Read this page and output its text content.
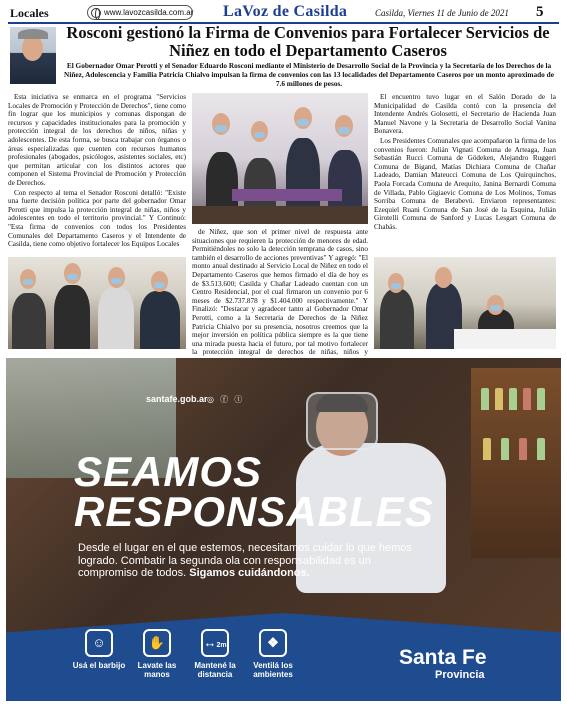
Locales	www.lavozcasilda.com.ar LaVoz de Casilda	Casilda, Viernes 11 de Junio de 2021 5
Rosconi gestionó la Firma de Convenios para Fortalecer Servicios de Niñez en todo el Departamento Caseros
El Gobernador Omar Perotti y el Senador Eduardo Rosconi mediante el Ministerio de Desarrollo Social de la Provincia y la Secretaría de los Derechos de la Niñez, Adolescencia y Familia Patricia Chialvo impulsan la firma de convenios con las 13 localidades del Departamento Caseros por un monto aproximado de 7.6 millones de pesos.

Esta iniciativa se enmarca en el programa "Servicios Locales de Promoción y Protección de Derechos", tiene como fin lograr que los municipios y comunas dispongan de recursos y capacidades institucionales para la promoción y protección integral de los derechos de niños, niñas y adolescentes. De esta forma, se busca trabajar con órganos o áreas especializadas que cuenten con recursos humanos profesionales (abogados, psicólogos, asistentes sociales, etc) que permitan articular con los distintos actores que componen el Sistema Provincial de Promoción y Protección de Derechos.

Con respecto al tema el Senador Rosconi detalló: "Existe una fuerte decisión política por parte del gobernador Omar Perotti que impulsa la protección integral de niñas, niños y adolescentes en todo el territorio provincial." Y Continuó: "Esta firma de convenios con todos los Presidentes Comunales del Departamento Caseros y el Intendente de Casilda, tiene como objetivo fortalecer los Equipos Locales

de Niñez, que son el primer nivel de respuesta ante situaciones que requieren la protección de menores de edad. Permitiéndoles no solo la detección temprana de casos, sino también el desarrollo de acciones preventivas" Y agregó: "El monto anual destinado al Servicio Local de Niñez en todo el Departamento Caseros que hemos firmado el día de hoy es de $3.513.600; Casilda y Chañar Ladeado cuentan con un Centro Residencial, por el cual firmaron un convenio por 6 meses de $2.737.878 y $1.404.000 respectivamente." Y Finalizó: "Destacar y agradecer tanto al Gobernador Omar Perotti, como a la Secretaria de Derechos de la Niñez Patricia Chialvo por su presencia, nosotros creemos que la mejor inversión en política pública siempre es la que tiene una mirada puesta hacia el futuro, por tal motivo fortalecer la protección integral de derechos de niñas, niños y

El encuentro tuvo lugar en el Salón Dorado de la Municipalidad de Casilda contó con la presencia del Intendente Andrés Golosetti, el Secretario de Hacienda Juan Manuel Navone y la Secretaria de Desarrollo Social Vanina Bonavera.

Los Presidentes Comunales que acompañaron la firma de los convenios fueron: Julián Vignati Comuna de Arteaga, Juan Sebastián Rucci Comuna de Gödeken, Alejandro Ruggeri Comuna de Bigand, Matías Dichiara Comuna de Chañar Ladeado, Damian Mateucci Comuna de Los Quirquinchos, Paola Forcada Comuna de Arequito, Janina Bernardi Comuna de Villada, Pablo Gigiaevic Comuna de Los Molinos, Tomas Sorriba Comuna de Berabevú. Enviaron representantes: Ezequiel Ruani Comuna de San José de la Esquina, Julián Girotelli Comuna de Sanford y Lucas Lesgart Comuna de Chabás.

santafe.gob.ar ◎ ⓕ ⓣ
SEAMOS
RESPONSABLES
Desde el lugar en el que estemos, necesitamos cuidar lo que hemos logrado. Combatir la segunda ola con responsabilidad es un compromiso de todos. Sigamos cuidándonos.
☺
Usá el barbijo
✋
Lavate las manos
↔2m
Mantené la distancia
❖
Ventilá los ambientes
Santa Fe
Provincia
